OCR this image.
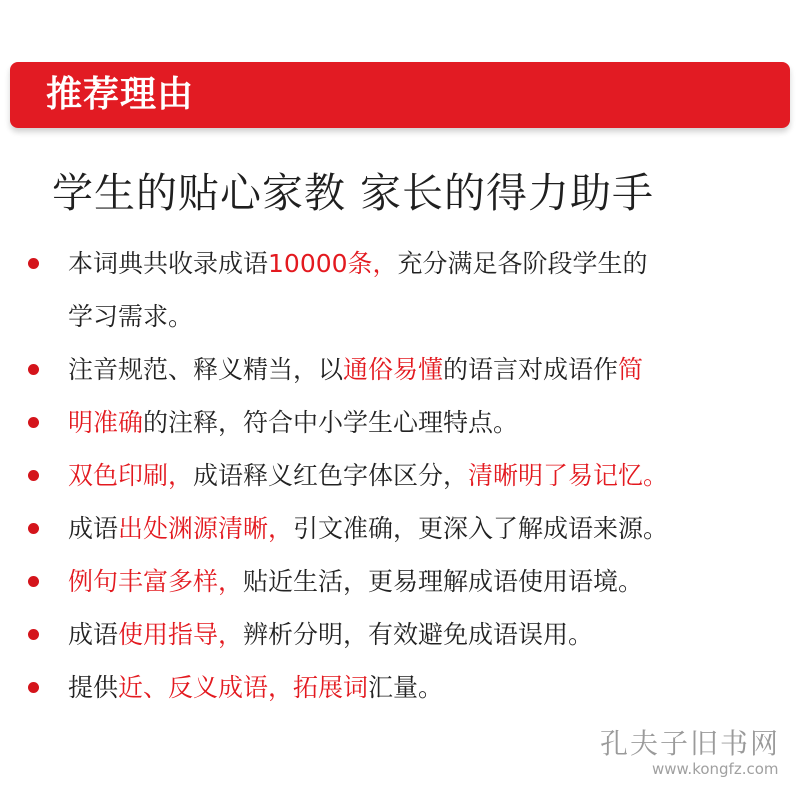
推荐理由
学生的贴心家教 家长的得力助手
本词典共收录成语10000条，充分满足各阶段学生的
学习需求。
注音规范、释义精当，以通俗易懂的语言对成语作简
明准确的注释，符合中小学生心理特点。
双色印刷，成语释义红色字体区分，清晰明了易记忆。
成语出处渊源清晰，引文准确，更深入了解成语来源。
例句丰富多样，贴近生活，更易理解成语使用语境。
成语使用指导，辨析分明，有效避免成语误用。
提供近、反义成语，拓展词汇量。
孔夫子旧书网
www.kongfz.com
